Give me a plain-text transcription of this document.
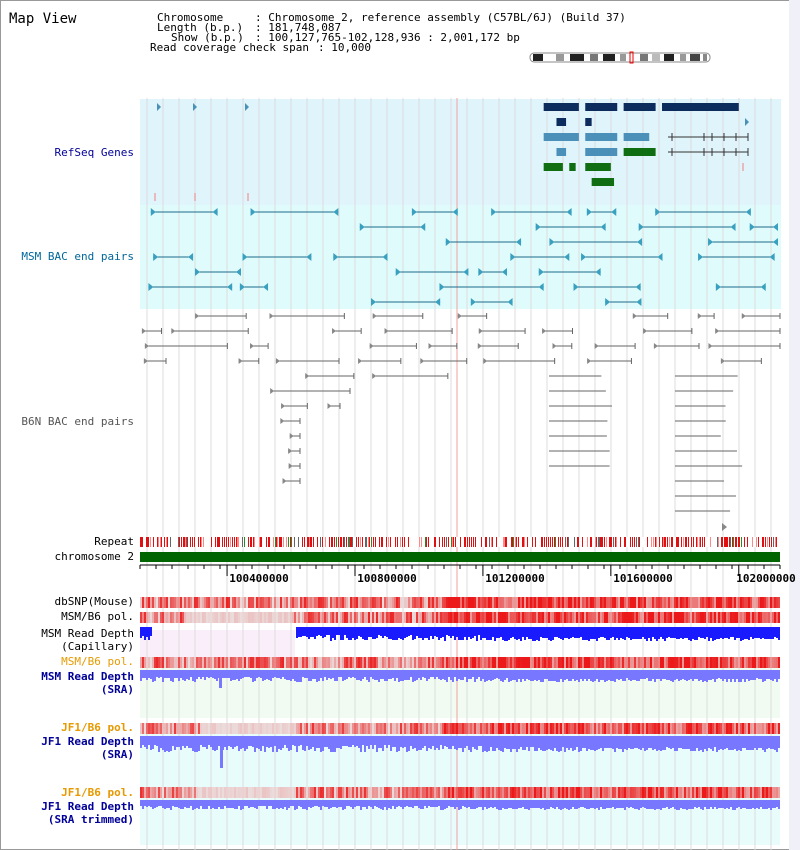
Map View	Chromosome	: Chromosome 2, reference assembly (C57BL/6J) (Build 37)
Length (b.p.) : 181,748,087
Show (b.p.) : 100,127,765-102,128,936 : 2,001,172 bp
Read coverage check span : 10,000
RefSeq Genes
MSM BAC end pairs
B6N BAC end pairs
Repeat
chromosome 2
100400000	100800000	101200000	101600000	102000000
dbSNP(Mouse)
MSM/B6 pol.
MSM Read Depth
(Capillary)
MSM/B6 pol.
MSM Read Depth
(SRA)
JF1/B6 pol.
JF1 Read Depth
(SRA)
JF1/B6 pol.
JF1 Read Depth
(SRA trimmed)
